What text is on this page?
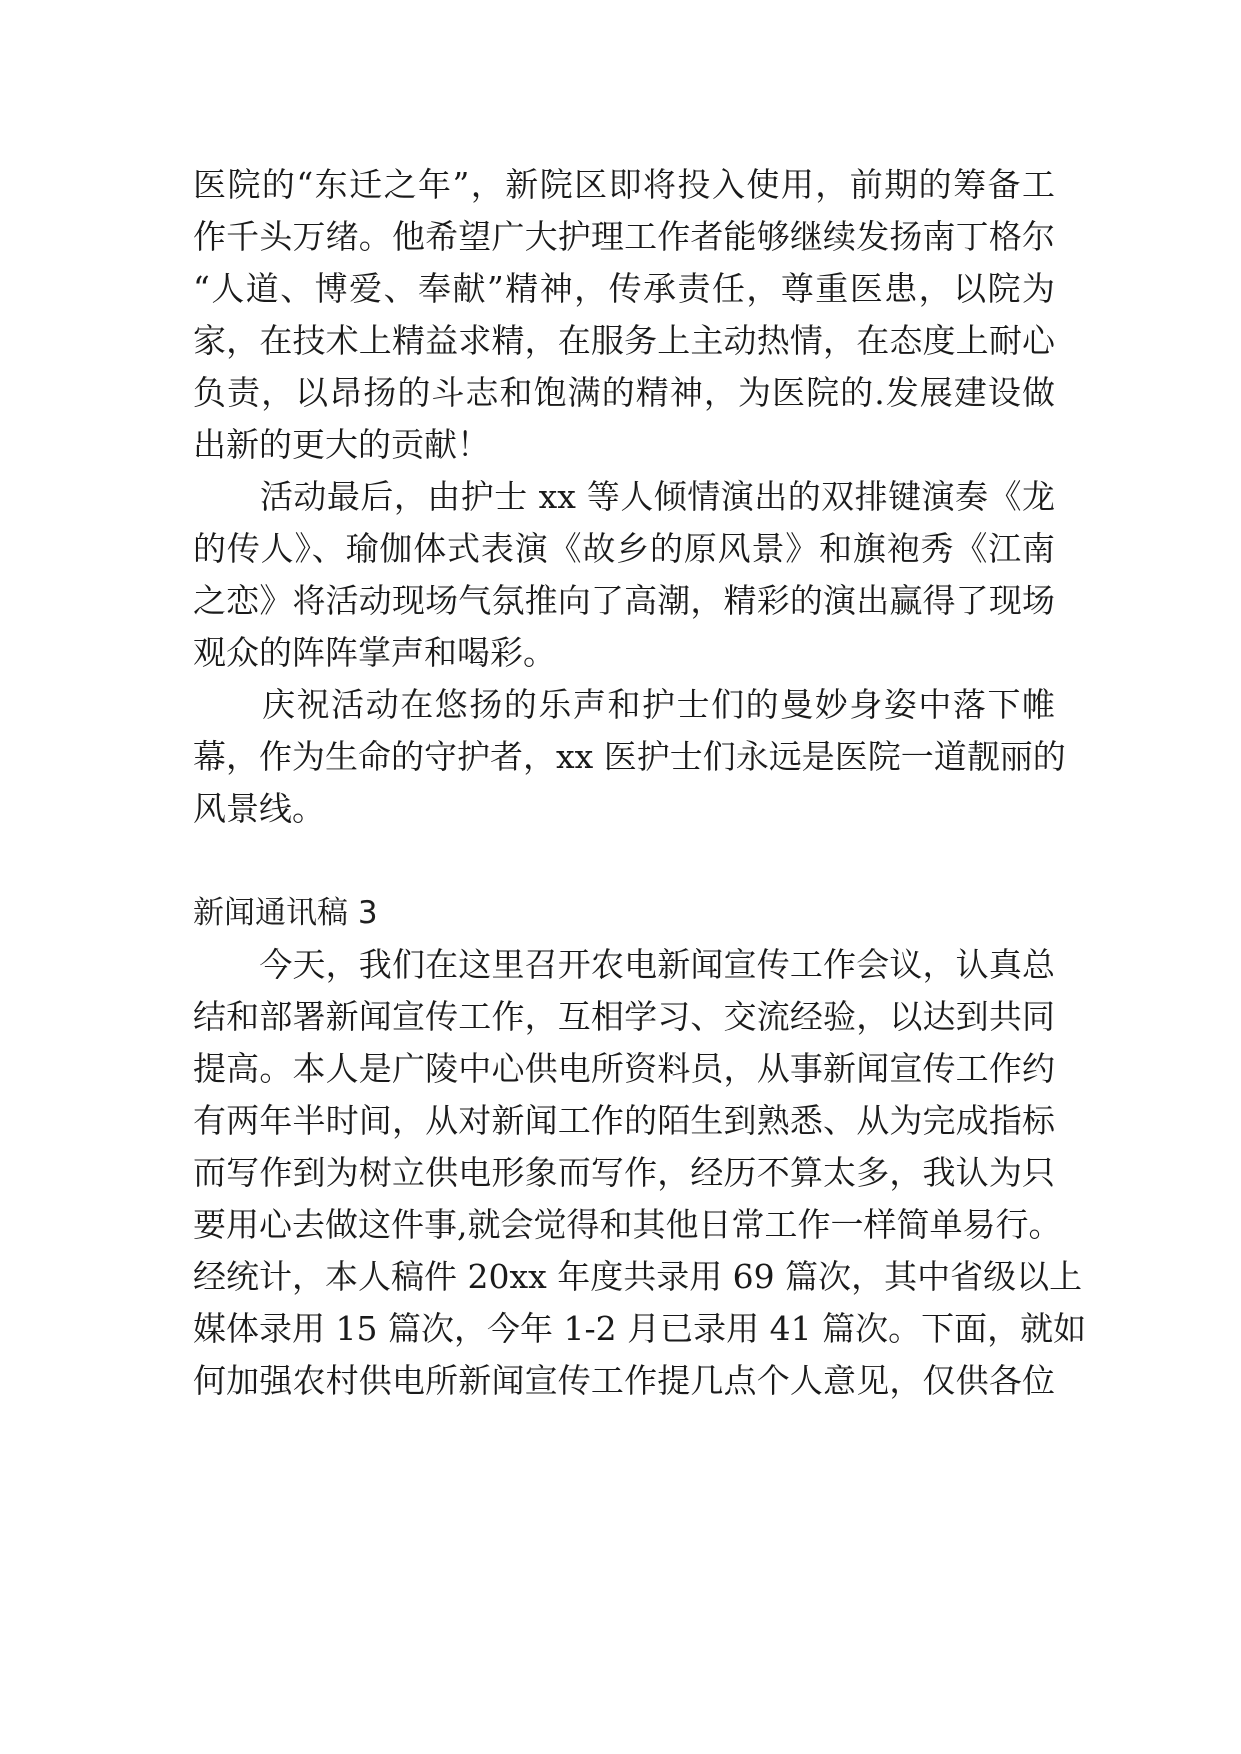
医院的“东迁之年”，新院区即将投入使用，前期的筹备工
作千头万绪。他希望广大护理工作者能够继续发扬南丁格尔
“人道、博爱、奉献”精神，传承责任，尊重医患，以院为
家，在技术上精益求精，在服务上主动热情，在态度上耐心
负责，以昂扬的斗志和饱满的精神，为医院的.发展建设做
出新的更大的贡献！
　　活动最后，由护士 xx 等人倾情演出的双排键演奏《龙
的传人》、瑜伽体式表演《故乡的原风景》和旗袍秀《江南
之恋》将活动现场气氛推向了高潮，精彩的演出赢得了现场
观众的阵阵掌声和喝彩。
　　庆祝活动在悠扬的乐声和护士们的曼妙身姿中落下帷
幕，作为生命的守护者，xx 医护士们永远是医院一道靓丽的
风景线。
新闻通讯稿 3
　　今天，我们在这里召开农电新闻宣传工作会议，认真总
结和部署新闻宣传工作，互相学习、交流经验，以达到共同
提高。本人是广陵中心供电所资料员，从事新闻宣传工作约
有两年半时间，从对新闻工作的陌生到熟悉、从为完成指标
而写作到为树立供电形象而写作，经历不算太多，我认为只
要用心去做这件事,就会觉得和其他日常工作一样简单易行。
经统计，本人稿件 20xx 年度共录用 69 篇次，其中省级以上
媒体录用 15 篇次，今年 1-2 月已录用 41 篇次。下面，就如
何加强农村供电所新闻宣传工作提几点个人意见，仅供各位
